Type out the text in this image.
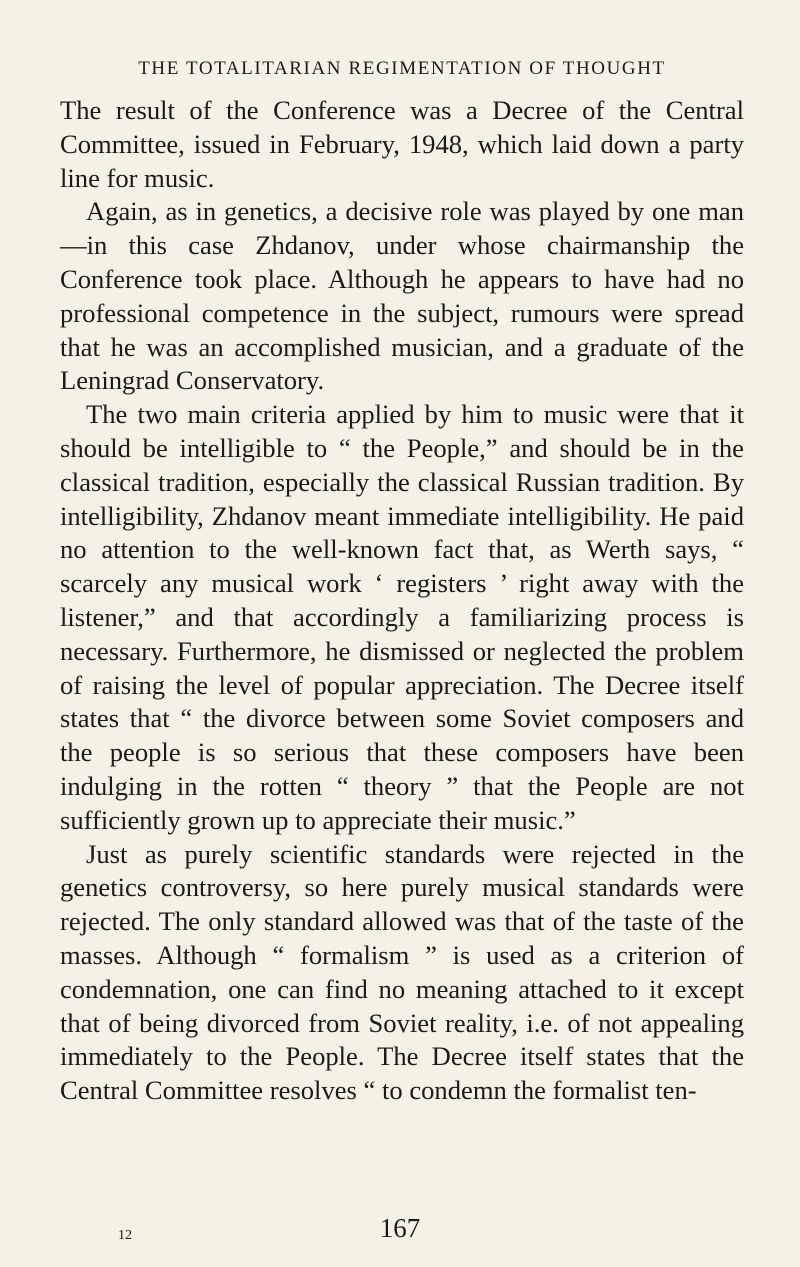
THE TOTALITARIAN REGIMENTATION OF THOUGHT

The result of the Conference was a Decree of the Central Committee, issued in February, 1948, which laid down a party line for music.

Again, as in genetics, a decisive role was played by one man—in this case Zhdanov, under whose chairmanship the Conference took place. Although he appears to have had no professional competence in the subject, rumours were spread that he was an accomplished musician, and a graduate of the Leningrad Conservatory.

The two main criteria applied by him to music were that it should be intelligible to “ the People,” and should be in the classical tradition, especially the classical Russian tradition. By intelligibility, Zhdanov meant immediate intelligibility. He paid no attention to the well-known fact that, as Werth says, “ scarcely any musical work ‘ registers ’ right away with the listener,” and that accordingly a familiarizing process is necessary. Furthermore, he dismissed or neglected the problem of raising the level of popular appreciation. The Decree itself states that “ the divorce between some Soviet composers and the people is so serious that these composers have been indulging in the rotten “ theory ” that the People are not sufficiently grown up to appreciate their music.”

Just as purely scientific standards were rejected in the genetics controversy, so here purely musical standards were rejected. The only standard allowed was that of the taste of the masses. Although “ formalism ” is used as a criterion of condemnation, one can find no meaning attached to it except that of being divorced from Soviet reality, i.e. of not appealing immediately to the People. The Decree itself states that the Central Committee resolves “ to condemn the formalist ten-

12	167
